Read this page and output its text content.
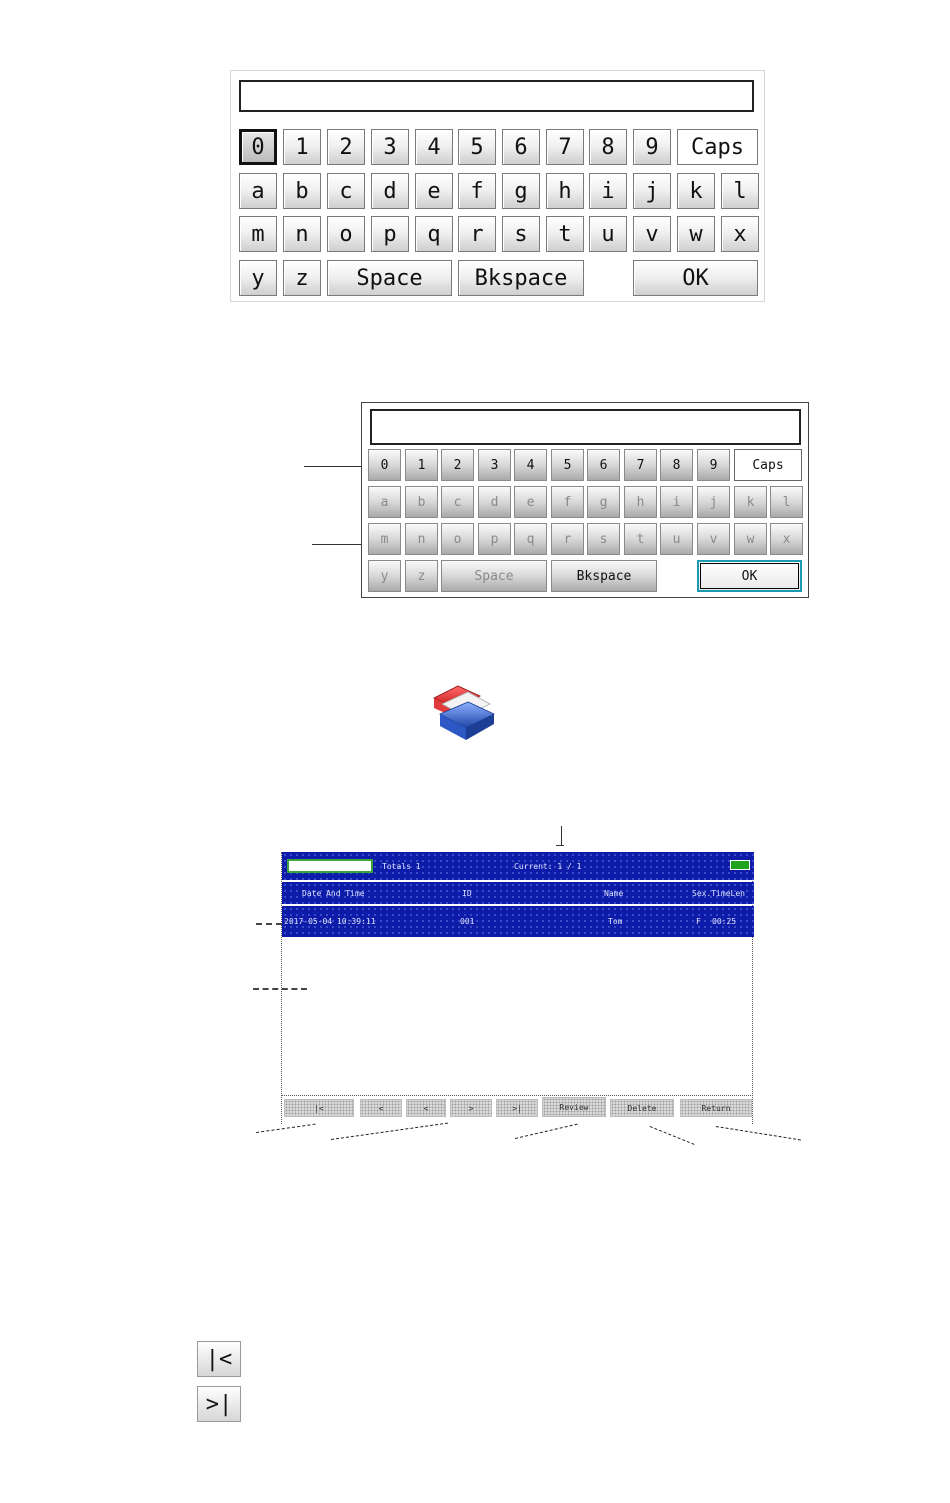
0	1	2	3	4	5	6	7	8	9	Caps
a	b	c	d	e	f	g	h	i	j	k	l
m	n	o	p	q	r	s	t	u	v	w	x
y	z	Space	Bkspace	OK
0	1	2	3	4	5	6	7	8	9	Caps
a	b	c	d	e	f	g	h	i	j	k	l
m	n	o	p	q	r	s	t	u	v	w	x
y	z	Space	Bkspace	OK
Totals 1	Current: 1 / 1
Date And Time	ID	Name	Sex.TimeLen
2017-05-04 10:39:11	001	Tom	F 00:25
|<	<	<	>	>|	Review	Delete	Return
|<
>|
